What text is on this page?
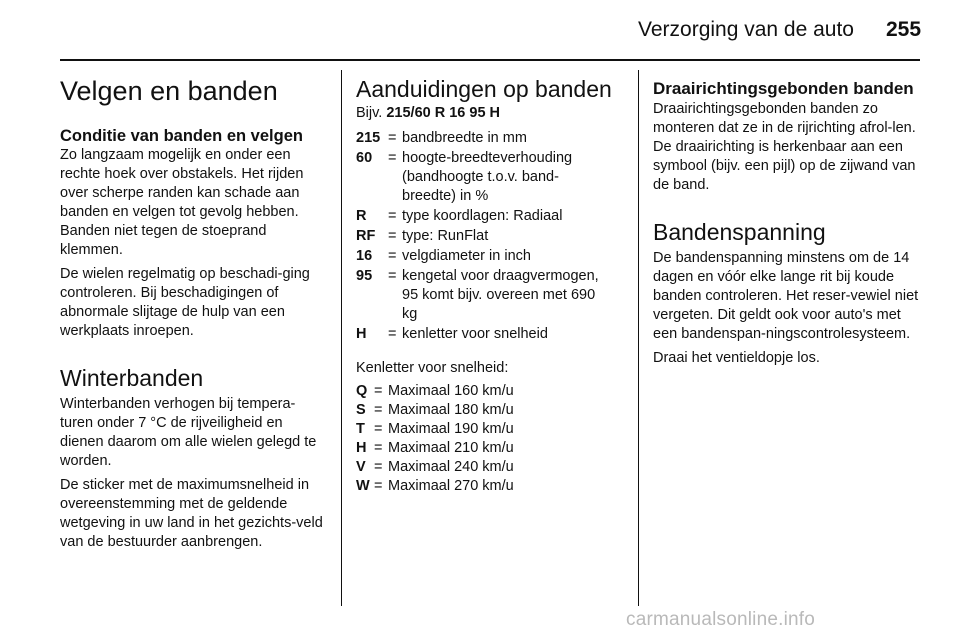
Verzorging van de auto 255
Velgen en banden
Conditie van banden en velgen

Zo langzaam mogelijk en onder een rechte hoek over obstakels. Het rijden over scherpe randen kan schade aan banden en velgen tot gevolg hebben. Banden niet tegen de stoeprand klemmen.

De wielen regelmatig op beschadi-ging controleren. Bij beschadigingen of abnormale slijtage de hulp van een werkplaats inroepen.

Winterbanden

Winterbanden verhogen bij tempera-turen onder 7 °C de rijveiligheid en dienen daarom om alle wielen gelegd te worden.

De sticker met de maximumsnelheid in overeenstemming met de geldende wetgeving in uw land in het gezichts-veld van de bestuurder aanbrengen.

Aanduidingen op banden
Bijv. 215/60 R 16 95 H
215	=	bandbreedte in mm
60	=	hoogte-breedteverhouding (bandhoogte t.o.v. band-breedte) in %
R	=	type koordlagen: Radiaal
RF	=	type: RunFlat
16	=	velgdiameter in inch
95	=	kengetal voor draagvermogen, 95 komt bijv. overeen met 690 kg
H	=	kenletter voor snelheid

Kenletter voor snelheid:

Q	=	Maximaal 160 km/u
S	=	Maximaal 180 km/u
T	=	Maximaal 190 km/u
H	=	Maximaal 210 km/u
V	=	Maximaal 240 km/u
W	=	Maximaal 270 km/u
Draairichtingsgebonden banden

Draairichtingsgebonden banden zo monteren dat ze in de rijrichting afrol-len. De draairichting is herkenbaar aan een symbool (bijv. een pijl) op de zijwand van de band.

Bandenspanning

De bandenspanning minstens om de 14 dagen en vóór elke lange rit bij koude banden controleren. Het reser-vewiel niet vergeten. Dit geldt ook voor auto's met een bandenspan-ningscontrolesysteem.

Draai het ventieldopje los.

carmanualsonline.info
